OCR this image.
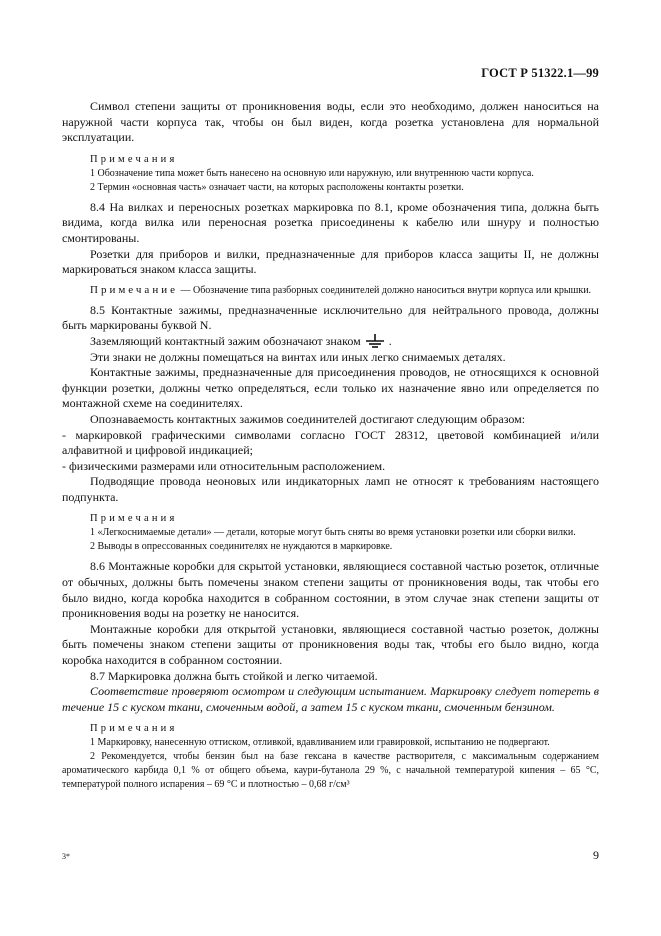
ГОСТ Р 51322.1—99

Символ степени защиты от проникновения воды, если это необходимо, должен наноситься на наружной части корпуса так, чтобы он был виден, когда розетка установлена для нормальной эксплуатации.

Примечания

1 Обозначение типа может быть нанесено на основную или наружную, или внутреннюю части корпуса.

2 Термин «основная часть» означает части, на которых расположены контакты розетки.

8.4 На вилках и переносных розетках маркировка по 8.1, кроме обозначения типа, должна быть видима, когда вилка или переносная розетка присоединены к кабелю или шнуру и полностью смонтированы.

Розетки для приборов и вилки, предназначенные для приборов класса защиты II, не должны маркироваться знаком класса защиты.

Примечание — Обозначение типа разборных соединителей должно наноситься внутри корпуса или крышки.

8.5 Контактные зажимы, предназначенные исключительно для нейтрального провода, должны быть маркированы буквой N.

Заземляющий контактный зажим обозначают знаком  .

Эти знаки не должны помещаться на винтах или иных легко снимаемых деталях.

Контактные зажимы, предназначенные для присоединения проводов, не относящихся к основной функции розетки, должны четко определяться, если только их назначение явно или определяется по монтажной схеме на соединителях.

Опознаваемость контактных зажимов соединителей достигают следующим образом:

- маркировкой графическими символами согласно ГОСТ 28312, цветовой комбинацией и/или алфавитной и цифровой индикацией;

- физическими размерами или относительным расположением.

Подводящие провода неоновых или индикаторных ламп не относят к требованиям настоящего подпункта.

Примечания

1 «Легкоснимаемые детали» — детали, которые могут быть сняты во время установки розетки или сборки вилки.

2 Выводы в опрессованных соединителях не нуждаются в маркировке.

8.6 Монтажные коробки для скрытой установки, являющиеся составной частью розеток, отличные от обычных, должны быть помечены знаком степени защиты от проникновения воды, так чтобы его было видно, когда коробка находится в собранном состоянии, в этом случае знак степени защиты от проникновения воды на розетку не наносится.

Монтажные коробки для открытой установки, являющиеся составной частью розеток, должны быть помечены знаком степени защиты от проникновения воды так, чтобы его было видно, когда коробка находится в собранном состоянии.

8.7 Маркировка должна быть стойкой и легко читаемой.

Соответствие проверяют осмотром и следующим испытанием. Маркировку следует потереть в течение 15 с куском ткани, смоченным водой, а затем 15 с куском ткани, смоченным бензином.

Примечания

1 Маркировку, нанесенную оттиском, отливкой, вдавливанием или гравировкой, испытанию не подвергают.

2 Рекомендуется, чтобы бензин был на базе гексана в качестве растворителя, с максимальным содержанием ароматического карбида 0,1 % от общего объема, каури-бутанола 29 %, с начальной температурой кипения – 65 °С, температурой полного испарения – 69 °С и плотностью – 0,68 г/см³

3*	9
